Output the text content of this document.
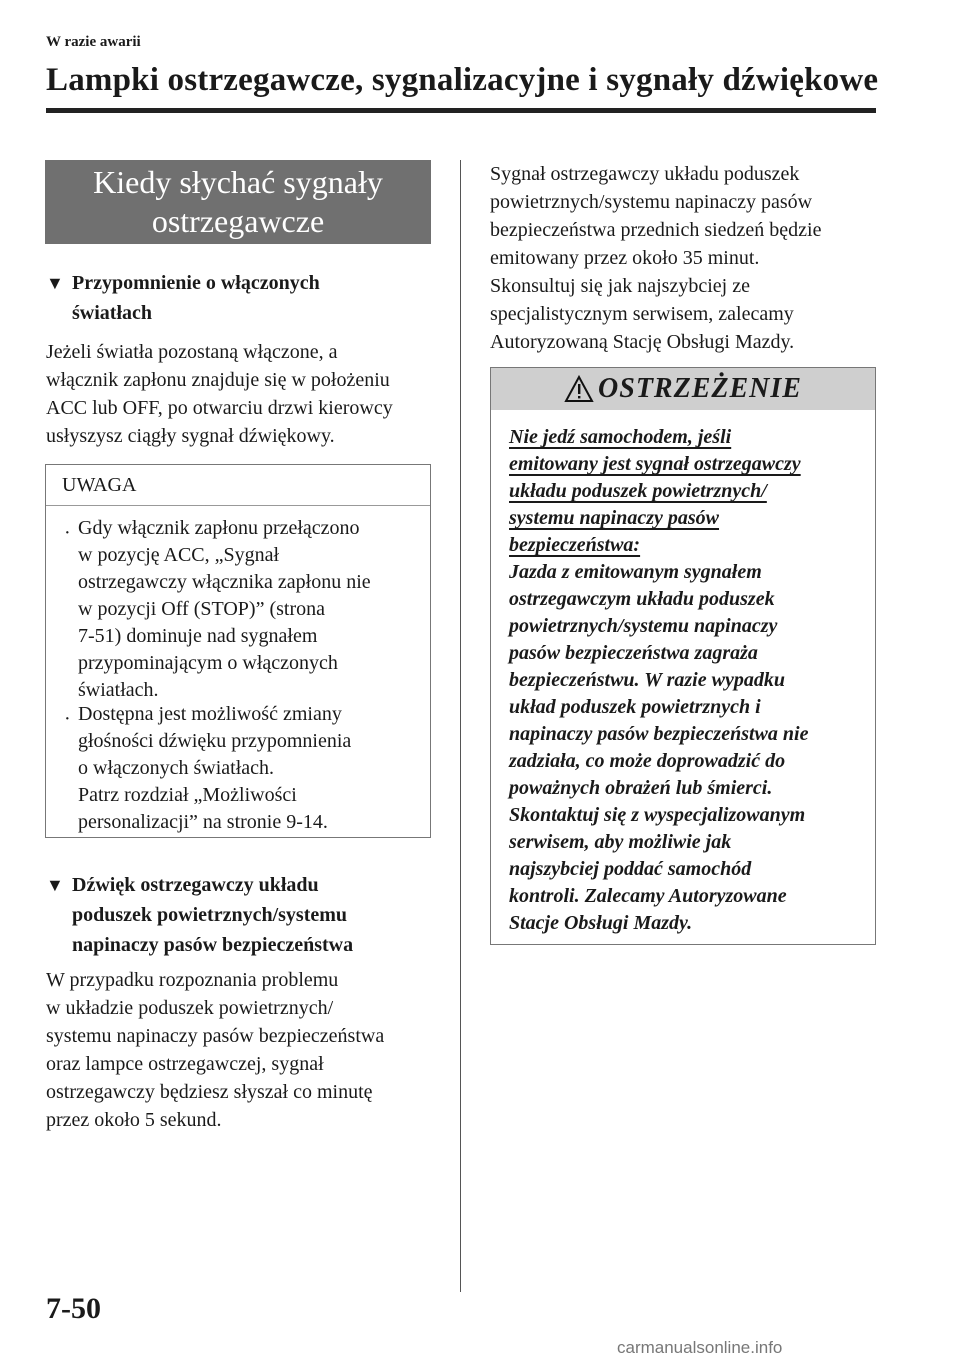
W razie awarii
Lampki ostrzegawcze, sygnalizacyjne i sygnały dźwiękowe
Kiedy słychać sygnały
ostrzegawcze
▼ Przypomnienie o włączonych
światłach
Jeżeli światła pozostaną włączone, a
włącznik zapłonu znajduje się w położeniu
ACC lub OFF, po otwarciu drzwi kierowcy
usłyszysz ciągły sygnał dźwiękowy.
UWAGA
· Gdy włącznik zapłonu przełączono
w pozycję ACC, „Sygnał
ostrzegawczy włącznika zapłonu nie
w pozycji Off (STOP)” (strona
7-51) dominuje nad sygnałem
przypominającym o włączonych
światłach.
· Dostępna jest możliwość zmiany
głośności dźwięku przypomnienia
o włączonych światłach.
Patrz rozdział „Możliwości
personalizacji” na stronie 9-14.
▼ Dźwięk ostrzegawczy układu
poduszek powietrznych/systemu
napinaczy pasów bezpieczeństwa
W przypadku rozpoznania problemu
w układzie poduszek powietrznych/
systemu napinaczy pasów bezpieczeństwa
oraz lampce ostrzegawczej, sygnał
ostrzegawczy będziesz słyszał co minutę
przez około 5 sekund.
Sygnał ostrzegawczy układu poduszek
powietrznych/systemu napinaczy pasów
bezpieczeństwa przednich siedzeń będzie
emitowany przez około 35 minut.
Skonsultuj się jak najszybciej ze
specjalistycznym serwisem, zalecamy
Autoryzowaną Stację Obsługi Mazdy.
OSTRZEŻENIE
Nie jedź samochodem, jeśli
emitowany jest sygnał ostrzegawczy
układu poduszek powietrznych/
systemu napinaczy pasów
bezpieczeństwa:
Jazda z emitowanym sygnałem
ostrzegawczym układu poduszek
powietrznych/systemu napinaczy
pasów bezpieczeństwa zagraża
bezpieczeństwu. W razie wypadku
układ poduszek powietrznych i
napinaczy pasów bezpieczeństwa nie
zadziała, co może doprowadzić do
poważnych obrażeń lub śmierci.
Skontaktuj się z wyspecjalizowanym
serwisem, aby możliwie jak
najszybciej poddać samochód
kontroli. Zalecamy Autoryzowane
Stacje Obsługi Mazdy.
7-50
carmanualsonline.info
